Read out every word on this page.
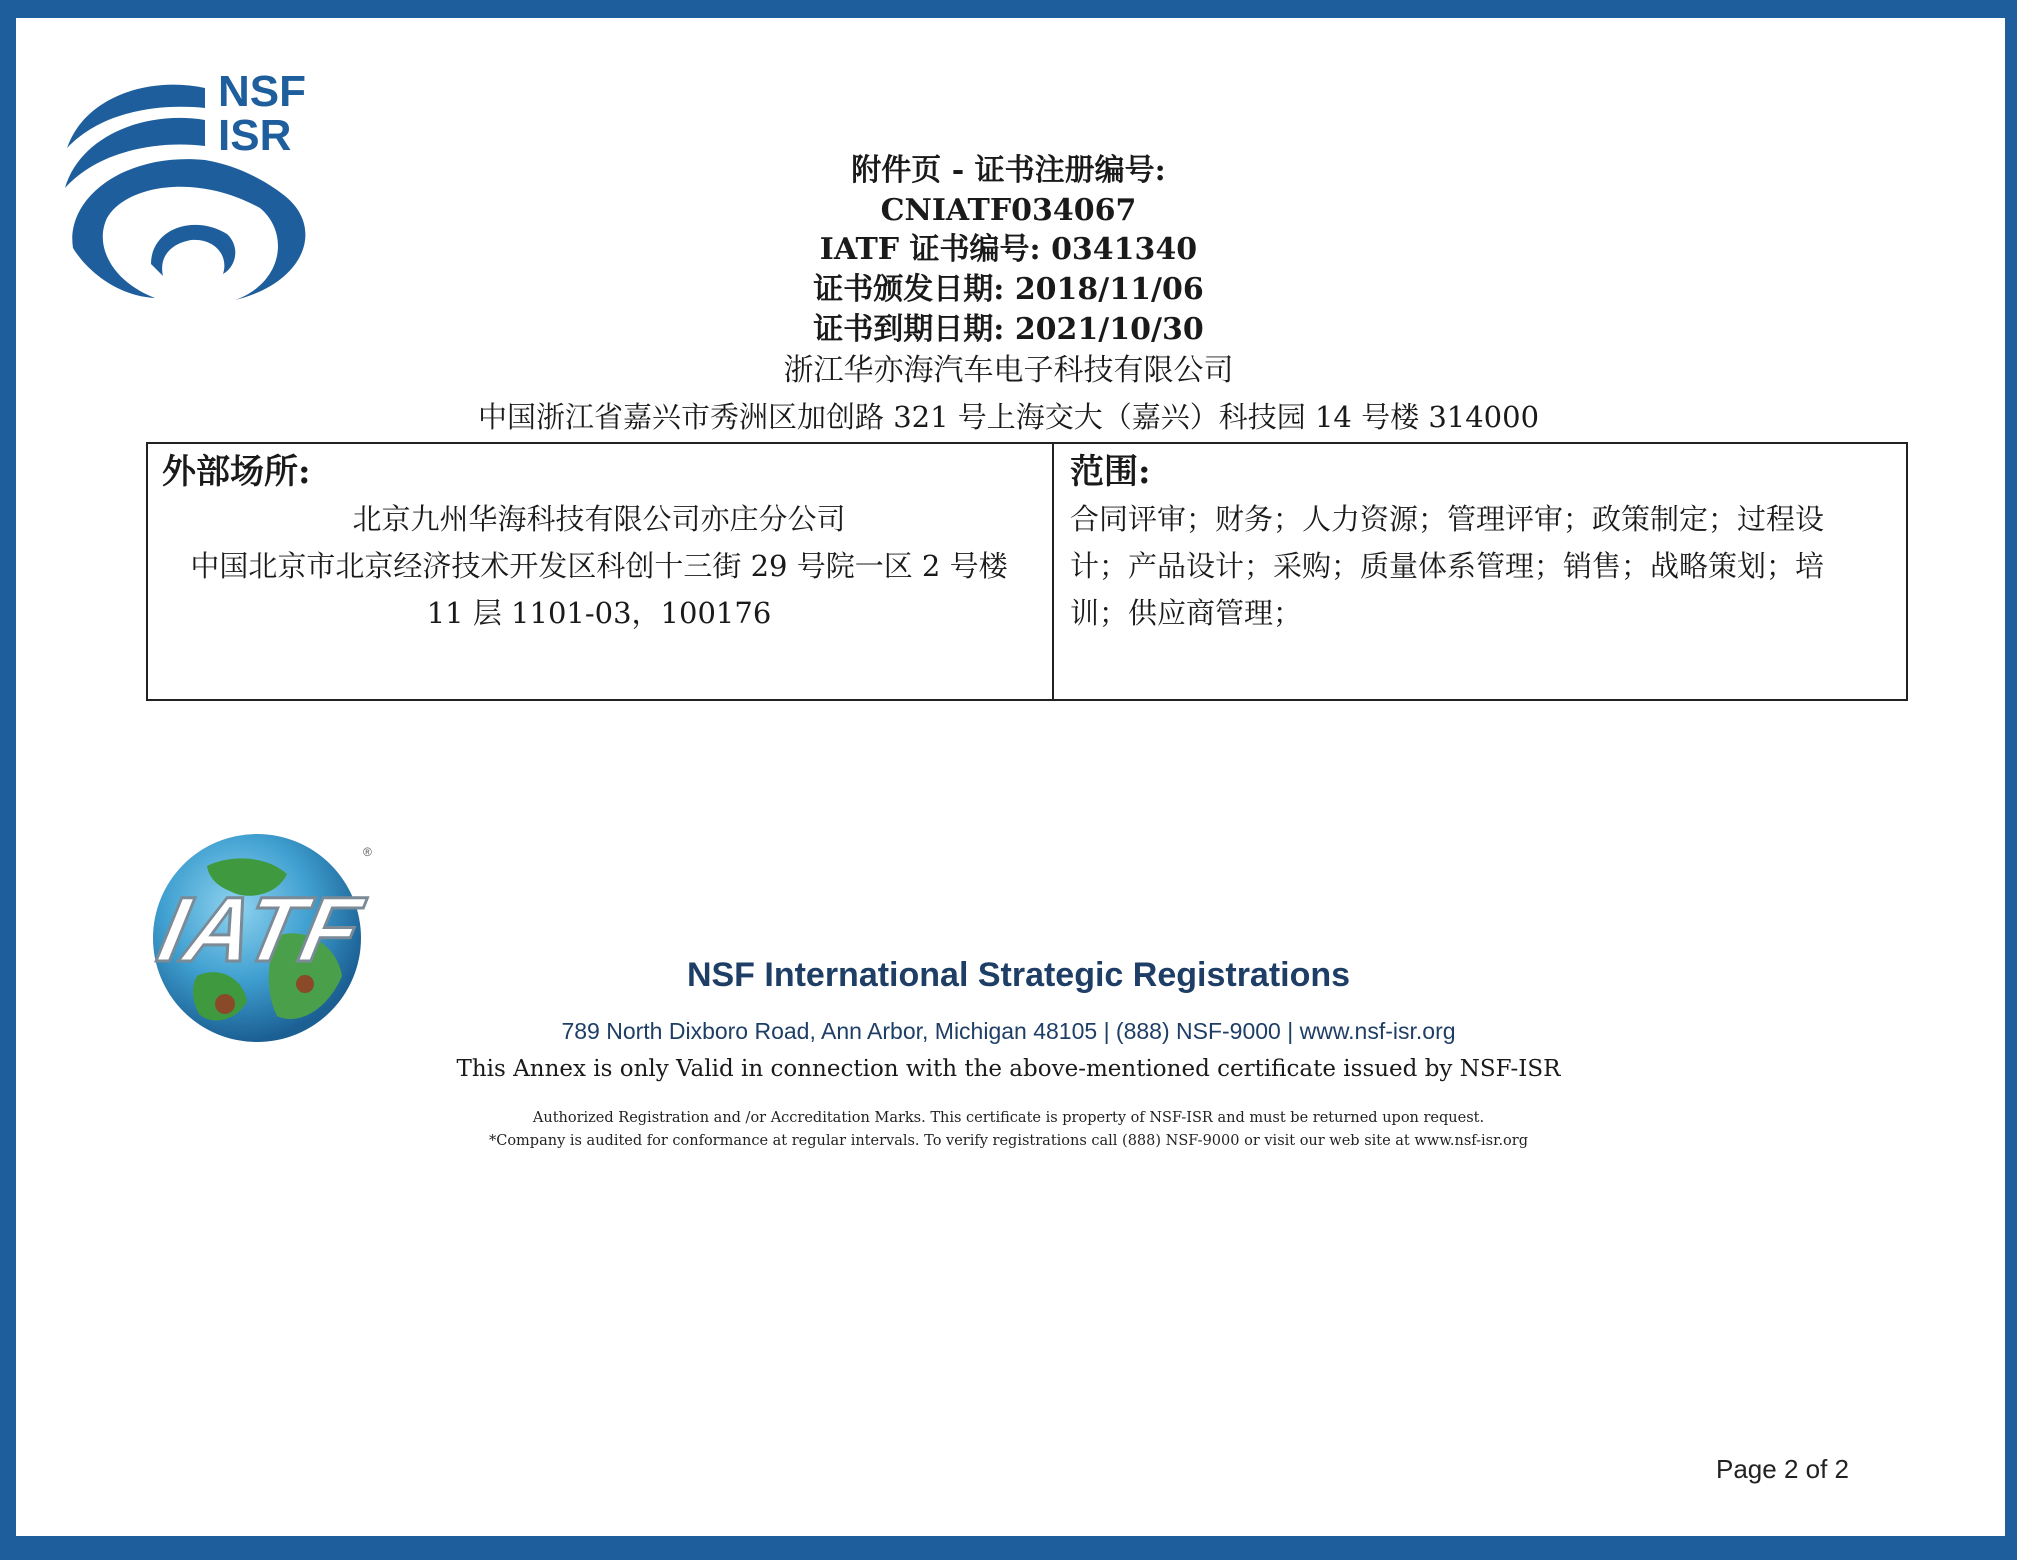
NSF
ISR
附件页 - 证书注册编号:
CNIATF034067
IATF 证书编号: 0341340
证书颁发日期: 2018/11/06
证书到期日期: 2021/10/30
浙江华亦海汽车电子科技有限公司
中国浙江省嘉兴市秀洲区加创路 321 号上海交大（嘉兴）科技园 14 号楼 314000
外部场所:
北京九州华海科技有限公司亦庄分公司
中国北京市北京经济技术开发区科创十三街 29 号院一区 2 号楼
11 层 1101-03，100176
范围:
合同评审；财务；人力资源；管理评审；政策制定；过程设
计；产品设计；采购；质量体系管理；销售；战略策划；培
训；供应商管理；
IATF
®
NSF International Strategic Registrations
789 North Dixboro Road, Ann Arbor, Michigan 48105 | (888) NSF-9000 | www.nsf-isr.org
This Annex is only Valid in connection with the above-mentioned certificate issued by NSF-ISR
Authorized Registration and /or Accreditation Marks. This certificate is property of NSF-ISR and must be returned upon request.
*Company is audited for conformance at regular intervals. To verify registrations call (888) NSF-9000 or visit our web site at www.nsf-isr.org
Page 2 of 2
